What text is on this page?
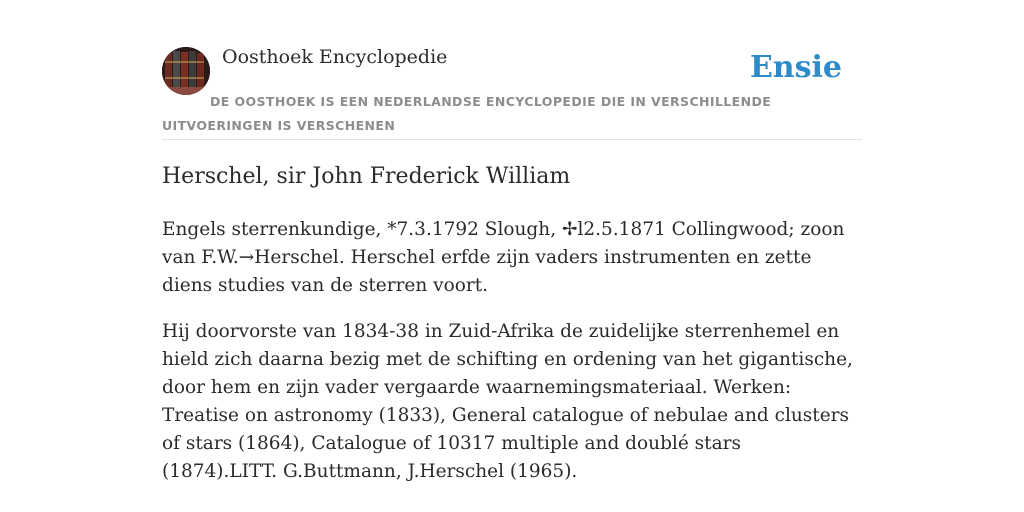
Oosthoek Encyclopedie	Ensie
DE OOSTHOEK IS EEN NEDERLANDSE ENCYCLOPEDIE DIE IN VERSCHILLENDE UITVOERINGEN IS VERSCHENEN
Herschel, sir John Frederick William

Engels sterrenkundige, *7.3.1792 Slough, ✢l2.5.1871 Collingwood; zoon van F.W.→Herschel. Herschel erfde zijn vaders instrumenten en zette diens studies van de sterren voort.

Hij doorvorste van 1834-38 in Zuid-Afrika de zuidelijke sterrenhemel en hield zich daarna bezig met de schifting en ordening van het gigantische, door hem en zijn vader vergaarde waarnemingsmateriaal. Werken: Treatise on astronomy (1833), General catalogue of nebulae and clusters of stars (1864), Catalogue of 10317 multiple and doublé stars (1874).LITT. G.Buttmann, J.Herschel (1965).
